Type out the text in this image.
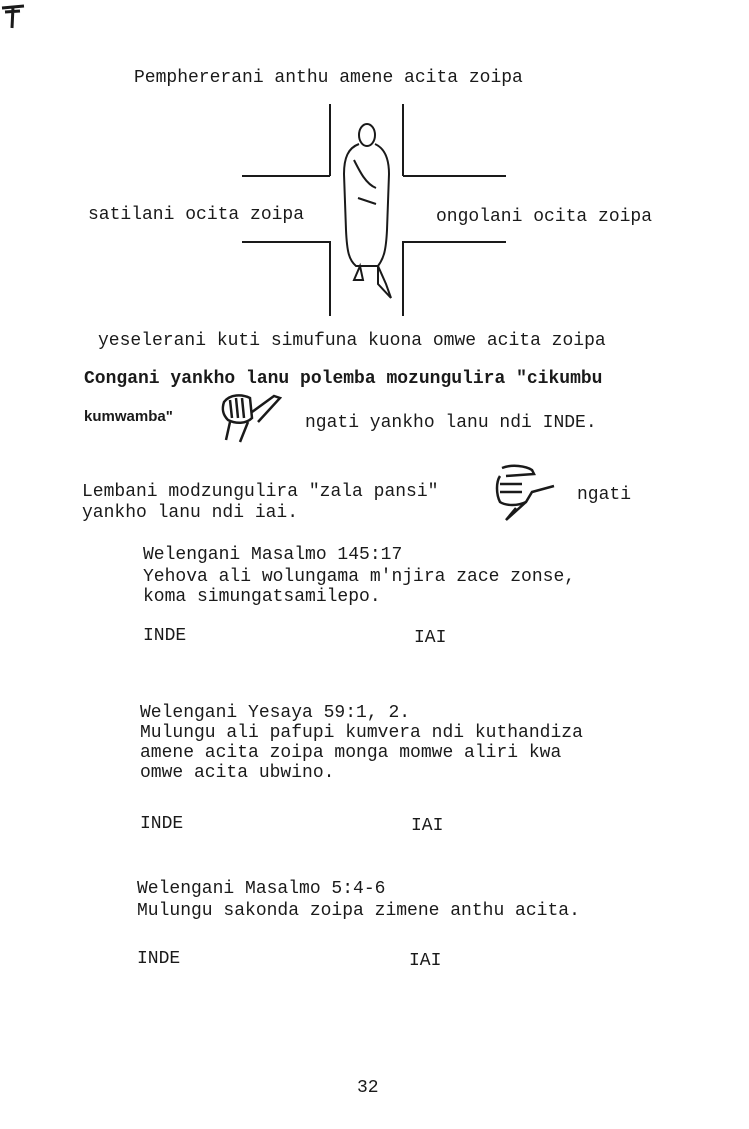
Pemphererani anthu amene acita zoipa
satilani ocita zoipa	ongolani ocita zoipa
yeselerani kuti simufuna kuona omwe acita zoipa
Congani yankho lanu polemba mozungulira "cikumbu
kumwamba"	ngati yankho lanu ndi INDE.
Lembani modzungulira "zala pansi"	ngati
yankho lanu ndi iai.
Welengani Masalmo 145:17
Yehova ali wolungama m'njira zace zonse,
koma simungatsamilepo.
INDE	IAI
Welengani Yesaya 59:1, 2.
Mulungu ali pafupi kumvera ndi kuthandiza
amene acita zoipa monga momwe aliri kwa
omwe acita ubwino.
INDE	IAI
Welengani Masalmo 5:4-6
Mulungu sakonda zoipa zimene anthu acita.
INDE	IAI
32
